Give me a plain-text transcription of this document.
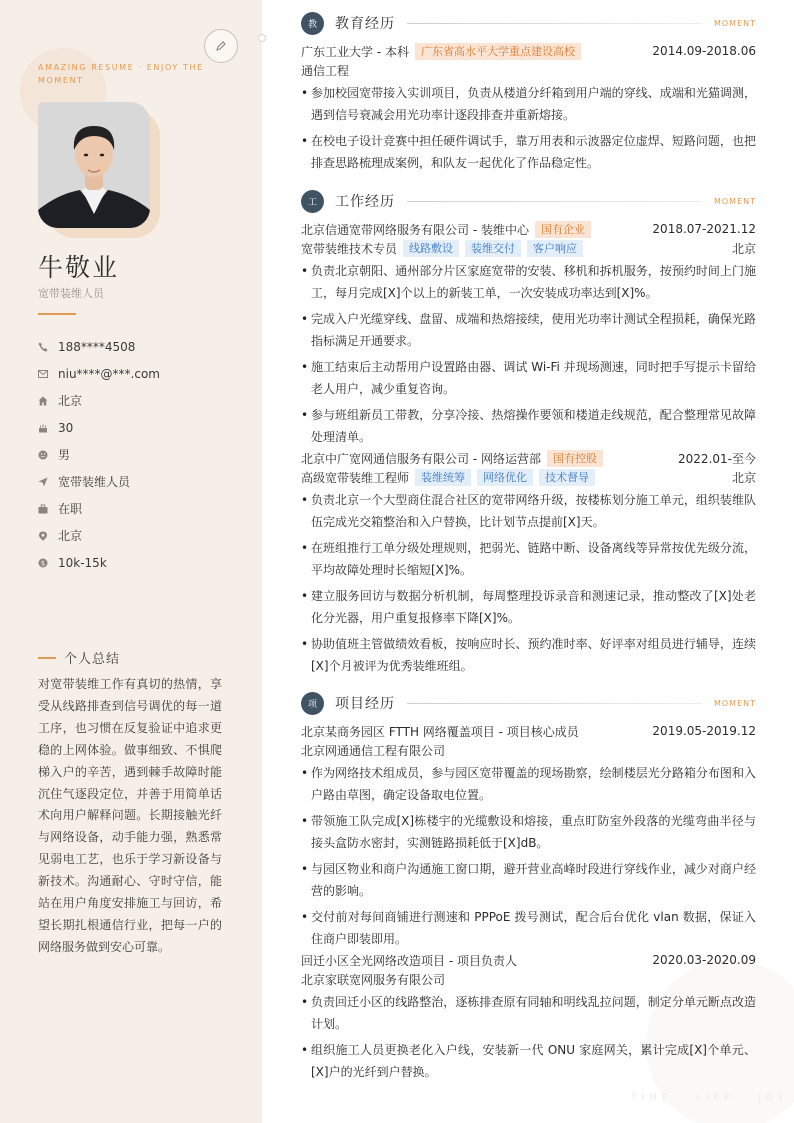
AMAZING RESUME · ENJOY THE MOMENT
牛敬业
宽带装维人员
188****4508
niu****@***.com
北京
30
男
宽带装维人员
在职
北京
$ 10k-15k
个人总结
对宽带装维工作有真切的热情，享受从线路排查到信号调优的每一道工序，也习惯在反复验证中追求更稳的上网体验。做事细致、不惧爬梯入户的辛苦，遇到棘手故障时能沉住气逐段定位，并善于用简单话术向用户解释问题。长期接触光纤与网络设备，动手能力强，熟悉常见弱电工艺，也乐于学习新设备与新技术。沟通耐心、守时守信，能站在用户角度安排施工与回访，希望长期扎根通信行业，把每一户的网络服务做到安心可靠。
TIME · LIFE · JOY
教	教育经历	MOMENT
广东工业大学 - 本科	广东省高水平大学重点建设高校	2014.09-2018.06
通信工程
• 参加校园宽带接入实训项目，负责从楼道分纤箱到用户端的穿线、成端和光猫调测，遇到信号衰减会用光功率计逐段排查并重新熔接。
• 在校电子设计竞赛中担任硬件调试手，靠万用表和示波器定位虚焊、短路问题，也把排查思路梳理成案例，和队友一起优化了作品稳定性。
工	工作经历	MOMENT
北京信通宽带网络服务有限公司 - 装维中心	国有企业	2018.07-2021.12
宽带装维技术专员	线路敷设	装维交付	客户响应	北京
• 负责北京朝阳、通州部分片区家庭宽带的安装、移机和拆机服务，按预约时间上门施工，每月完成[X]个以上的新装工单，一次安装成功率达到[X]%。
• 完成入户光缆穿线、盘留、成端和热熔接续，使用光功率计测试全程损耗，确保光路指标满足开通要求。
• 施工结束后主动帮用户设置路由器、调试 Wi-Fi 并现场测速，同时把手写提示卡留给老人用户，减少重复咨询。
• 参与班组新员工带教，分享冷接、热熔操作要领和楼道走线规范，配合整理常见故障处理清单。
北京中广宽网通信服务有限公司 - 网络运营部	国有控股	2022.01-至今
高级宽带装维工程师	装维统筹	网络优化	技术督导	北京
• 负责北京一个大型商住混合社区的宽带网络升级，按楼栋划分施工单元，组织装维队伍完成光交箱整治和入户替换，比计划节点提前[X]天。
• 在班组推行工单分级处理规则，把弱光、链路中断、设备离线等异常按优先级分流，平均故障处理时长缩短[X]%。
• 建立服务回访与数据分析机制，每周整理投诉录音和测速记录，推动整改了[X]处老化分光器，用户重复报修率下降[X]%。
• 协助值班主管做绩效看板，按响应时长、预约准时率、好评率对组员进行辅导，连续[X]个月被评为优秀装维班组。
项	项目经历	MOMENT
北京某商务园区 FTTH 网络覆盖项目 - 项目核心成员	2019.05-2019.12
北京网通通信工程有限公司
• 作为网络技术组成员，参与园区宽带覆盖的现场勘察，绘制楼层光分路箱分布图和入户路由草图，确定设备取电位置。
• 带领施工队完成[X]栋楼宇的光缆敷设和熔接，重点盯防室外段落的光缆弯曲半径与接头盒防水密封，实测链路损耗低于[X]dB。
• 与园区物业和商户沟通施工窗口期，避开营业高峰时段进行穿线作业，减少对商户经营的影响。
• 交付前对每间商铺进行测速和 PPPoE 拨号测试，配合后台优化 vlan 数据，保证入住商户即装即用。
回迁小区全光网络改造项目 - 项目负责人	2020.03-2020.09
北京家联宽网服务有限公司
• 负责回迁小区的线路整治，逐栋排查原有同轴和明线乱拉问题，制定分单元断点改造计划。
• 组织施工人员更换老化入户线，安装新一代 ONU 家庭网关，累计完成[X]个单元、[X]户的光纤到户替换。
